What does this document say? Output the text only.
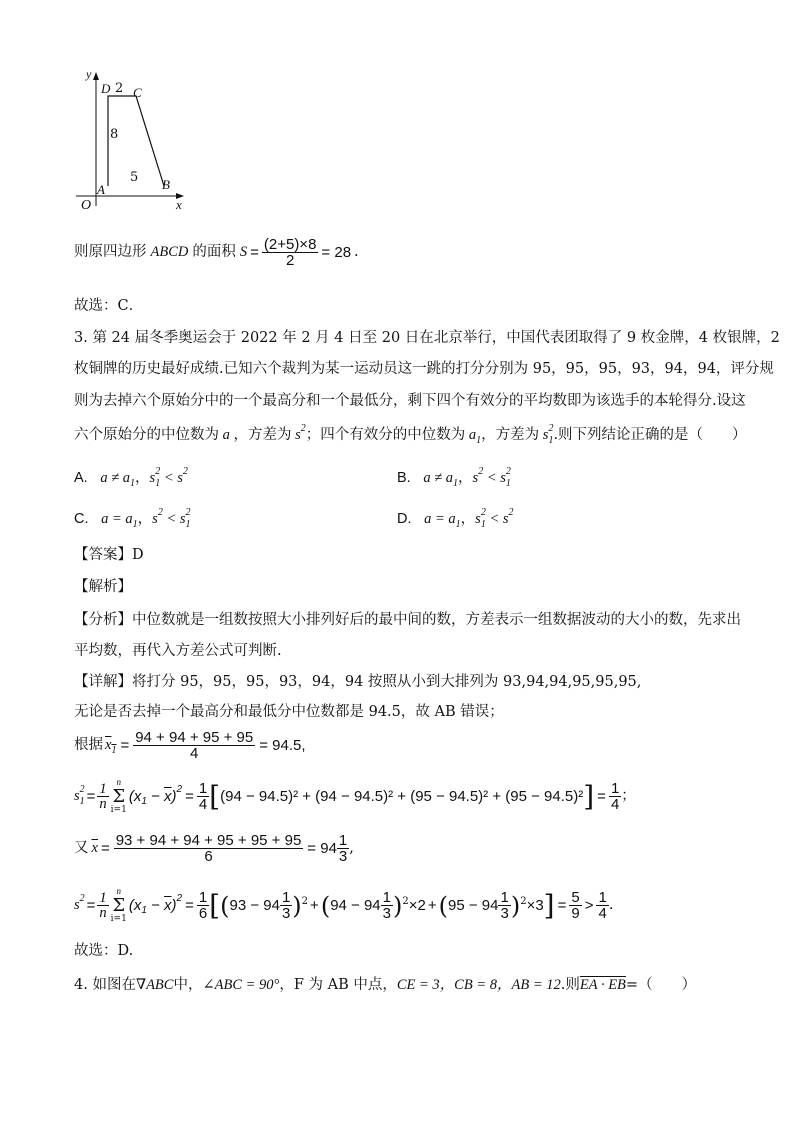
y
D 2 C
8
5
A	B
O	x
则原四边形 ABCD 的面积 $S = \frac{(2+5)\times 8}{2} = 28$ .
故选：C．
3. 第 24 届冬季奥运会于 2022 年 2 月 4 日至 20 日在北京举行，中国代表团取得了 9 枚金牌，4 枚银牌，2
枚铜牌的历史最好成绩.已知六个裁判为某一运动员这一跳的打分分别为 95，95，95，93，94，94，评分规
则为去掉六个原始分中的一个最高分和一个最低分，剩下四个有效分的平均数即为该选手的本轮得分.设这
六个原始分的中位数为 a ，方差为 $s^2$；四个有效分的中位数为 $a_1$，方差为 $s_1^2$.则下列结论正确的是（　　）
A. $a \ne a_1$，$s_1^2 < s^2$	B. $a \ne a_1$，$s^2 < s_1^2$
C. $a = a_1$，$s^2 < s_1^2$	D. $a = a_1$，$s_1^2 < s^2$
【答案】D
【解析】
【分析】中位数就是一组数按照大小排列好后的最中间的数，方差表示一组数据波动的大小的数，先求出
平均数，再代入方差公式可判断.
【详解】将打分 95，95，95，93，94，94 按照从小到大排列为 93,94,94,95,95,95,
无论是否去掉一个最高分和最低分中位数都是 94.5，故 AB 错误；
根据 $x_1 = \frac{94 + 94 + 95 + 95}{4} = 94.5$,
$s_1^2 = \frac{1}{n}$ n
Σ
i=1
$(x_1 - \overline{x})^2 = \frac{1}{4}$ [ (94 − 94.5)² + (94 − 94.5)² + (95 − 94.5)² + (95 − 94.5)² ] = $\frac{1}{4}$ ；
又 $\overline{x} = \frac{93 + 94 + 94 + 95 + 95 + 95}{6} = 94 \frac{1}{3}$ ,
$s^2 = \frac{1}{n}$ n
Σ
i=1
$(x_1 - \overline{x})^2 = \frac{1}{6}$ [ ( $93 - 94 \frac{1}{3}$ ) 2 + ( $94 - 94 \frac{1}{3}$ ) 2 ×2 + ( $95 - 94 \frac{1}{3}$ ) 2 ×3 ] = $\frac{5}{9} > \frac{1}{4}$ .
故选：D.
4. 如图在∇ABC中，∠ABC = 90°，F 为 AB 中点，CE = 3，CB = 8，AB = 12.则EA · EB=（　　）
